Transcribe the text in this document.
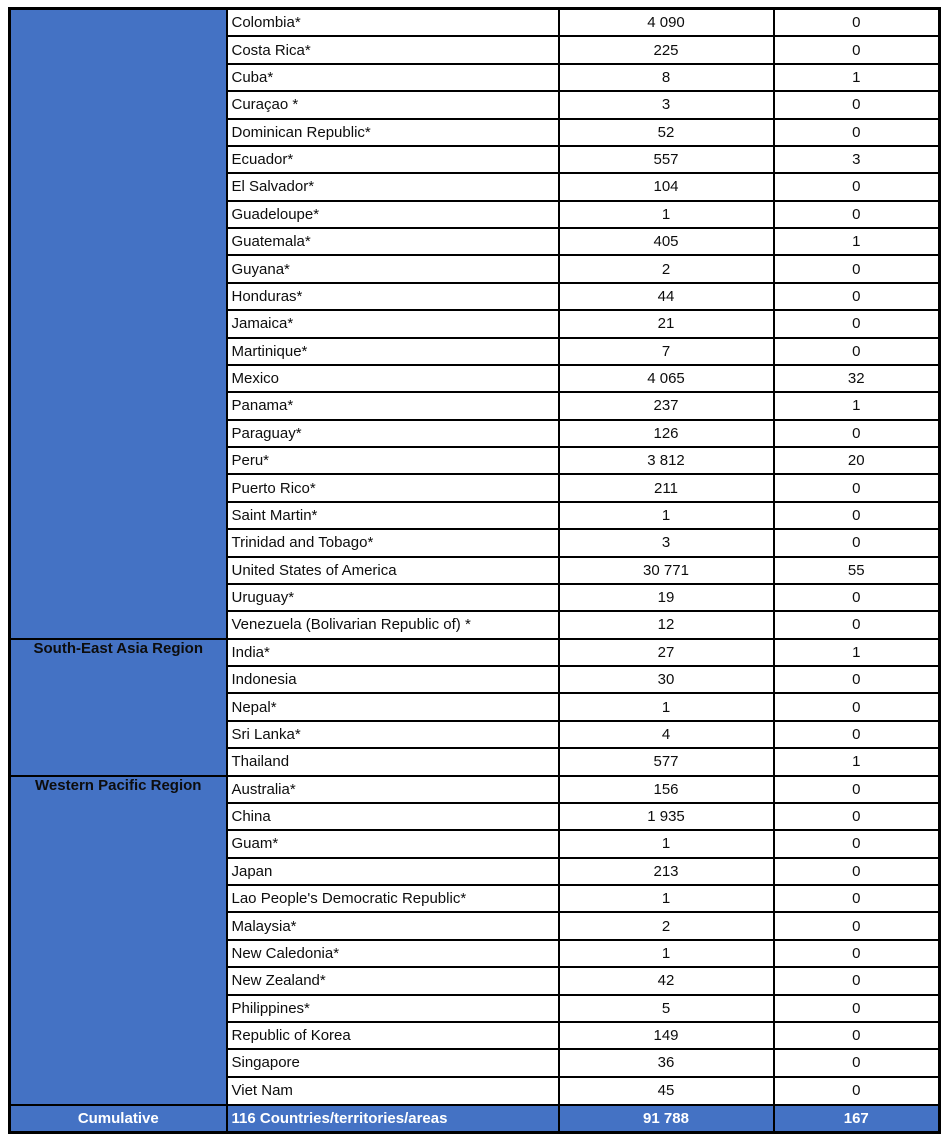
	Colombia*	4 090	0
	Costa Rica*	225	0
	Cuba*	8	1
	Curaçao *	3	0
	Dominican Republic*	52	0
	Ecuador*	557	3
	El Salvador*	104	0
	Guadeloupe*	1	0
	Guatemala*	405	1
	Guyana*	2	0
	Honduras*	44	0
	Jamaica*	21	0
	Martinique*	7	0
	Mexico	4 065	32
	Panama*	237	1
	Paraguay*	126	0
	Peru*	3 812	20
	Puerto Rico*	211	0
	Saint Martin*	1	0
	Trinidad and Tobago*	3	0
	United States of America	30 771	55
	Uruguay*	19	0
	Venezuela (Bolivarian Republic of) *	12	0
South-East Asia Region	India*	27	1
	Indonesia	30	0
	Nepal*	1	0
	Sri Lanka*	4	0
	Thailand	577	1
Western Pacific Region	Australia*	156	0
	China	1 935	0
	Guam*	1	0
	Japan	213	0
	Lao People's Democratic Republic*	1	0
	Malaysia*	2	0
	New Caledonia*	1	0
	New Zealand*	42	0
	Philippines*	5	0
	Republic of Korea	149	0
	Singapore	36	0
	Viet Nam	45	0
Cumulative	116 Countries/territories/areas	91 788	167
